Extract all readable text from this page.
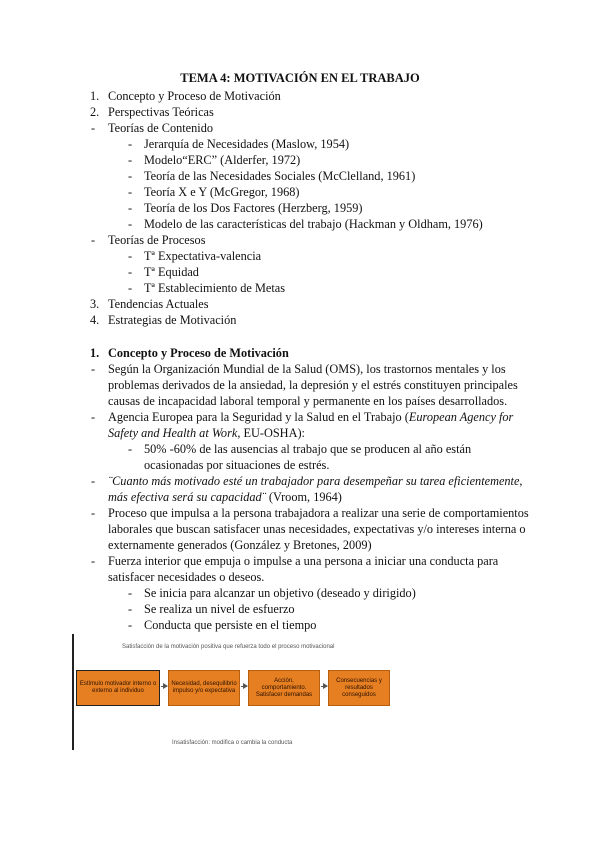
TEMA 4: MOTIVACIÓN EN EL TRABAJO
1. Concepto y Proceso de Motivación
2. Perspectivas Teóricas
- Teorías de Contenido
- Jerarquía de Necesidades (Maslow, 1954)
- Modelo“ERC” (Alderfer, 1972)
- Teoría de las Necesidades Sociales (McClelland, 1961)
- Teoría X e Y (McGregor, 1968)
- Teoría de los Dos Factores (Herzberg, 1959)
- Modelo de las características del trabajo (Hackman y Oldham, 1976)
- Teorías de Procesos
- Tª Expectativa-valencia
- Tª Equidad
- Tª Establecimiento de Metas
3. Tendencias Actuales
4. Estrategias de Motivación
1. Concepto y Proceso de Motivación
- Según la Organización Mundial de la Salud (OMS), los trastornos mentales y los
problemas derivados de la ansiedad, la depresión y el estrés constituyen principales
causas de incapacidad laboral temporal y permanente en los países desarrollados.
- Agencia Europea para la Seguridad y la Salud en el Trabajo (European Agency for
Safety and Health at Work, EU-OSHA):
- 50% -60% de las ausencias al trabajo que se producen al año están
ocasionadas por situaciones de estrés.
- ¨Cuanto más motivado esté un trabajador para desempeñar su tarea eficientemente,
más efectiva será su capacidad¨ (Vroom, 1964)
- Proceso que impulsa a la persona trabajadora a realizar una serie de comportamientos
laborales que buscan satisfacer unas necesidades, expectativas y/o intereses interna o
externamente generados (González y Bretones, 2009)
- Fuerza interior que empuja o impulse a una persona a iniciar una conducta para
satisfacer necesidades o deseos.
- Se inicia para alcanzar un objetivo (deseado y dirigido)
- Se realiza un nivel de esfuerzo
- Conducta que persiste en el tiempo
Satisfacción de la motivación positiva que refuerza todo el proceso motivacional
Estímulo motivador interno o externo al individuo
Necesidad, desequilibrio impulso y/o expectativa
Acción, comportamiento. Satisfacer demandas
Consecuencias y resultados conseguidos
Insatisfacción: modifica o cambia la conducta
